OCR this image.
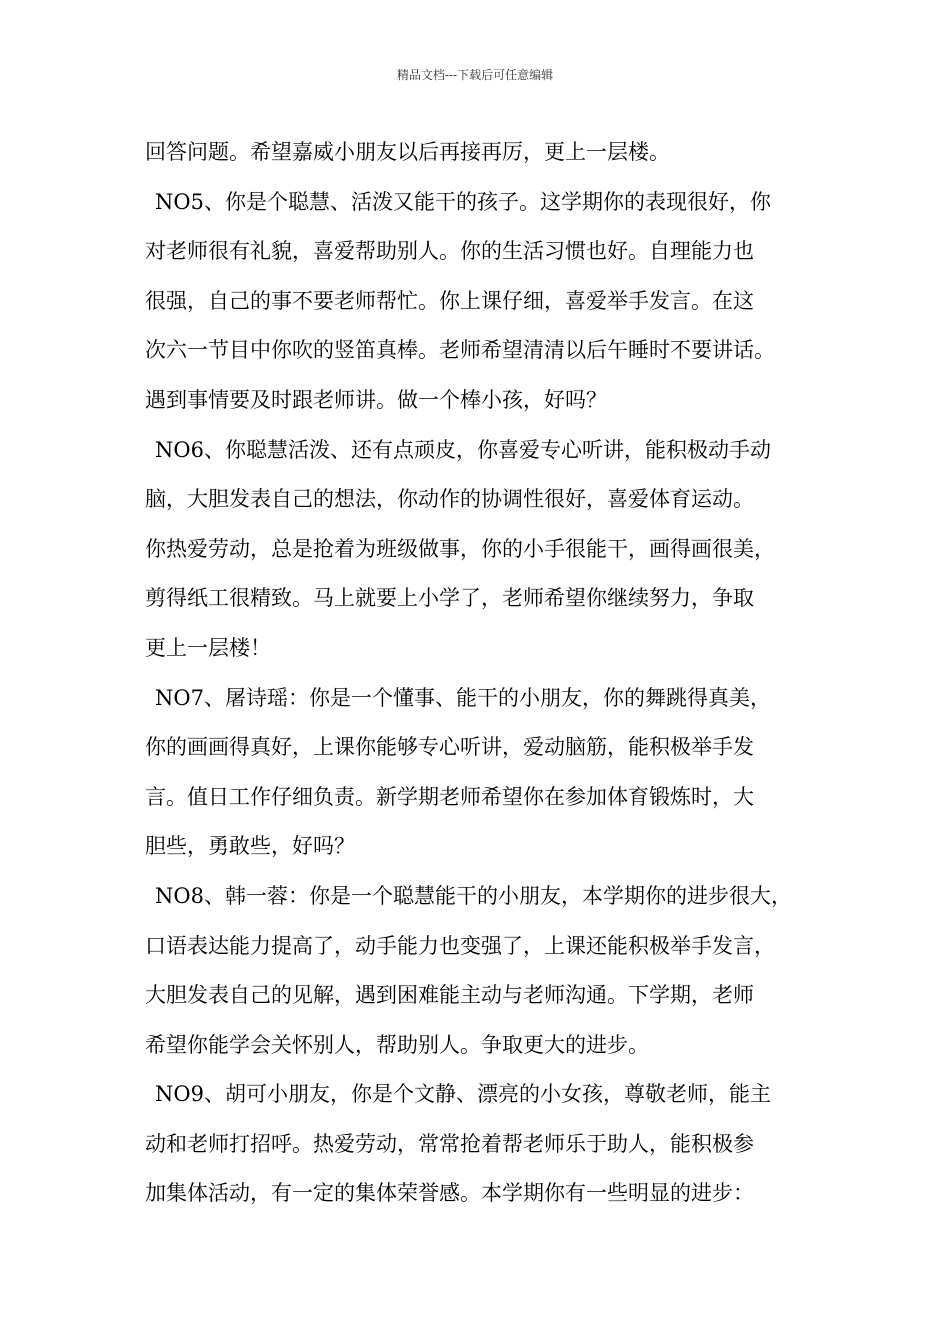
精品文档---下载后可任意编辑
回答问题。希望嘉威小朋友以后再接再厉，更上一层楼。
NO5、你是个聪慧、活泼又能干的孩子。这学期你的表现很好，你
对老师很有礼貌，喜爱帮助别人。你的生活习惯也好。自理能力也
很强，自己的事不要老师帮忙。你上课仔细，喜爱举手发言。在这
次六一节目中你吹的竖笛真棒。老师希望清清以后午睡时不要讲话。
遇到事情要及时跟老师讲。做一个棒小孩，好吗？
NO6、你聪慧活泼、还有点顽皮，你喜爱专心听讲，能积极动手动
脑，大胆发表自己的想法，你动作的协调性很好，喜爱体育运动。
你热爱劳动，总是抢着为班级做事，你的小手很能干，画得画很美，
剪得纸工很精致。马上就要上小学了，老师希望你继续努力，争取
更上一层楼！
NO7、屠诗瑶：你是一个懂事、能干的小朋友，你的舞跳得真美，
你的画画得真好，上课你能够专心听讲，爱动脑筋，能积极举手发
言。值日工作仔细负责。新学期老师希望你在参加体育锻炼时，大
胆些，勇敢些，好吗？
NO8、韩一蓉：你是一个聪慧能干的小朋友，本学期你的进步很大，
口语表达能力提高了，动手能力也变强了，上课还能积极举手发言，
大胆发表自己的见解，遇到困难能主动与老师沟通。下学期，老师
希望你能学会关怀别人，帮助别人。争取更大的进步。
NO9、胡可小朋友，你是个文静、漂亮的小女孩，尊敬老师，能主
动和老师打招呼。热爱劳动，常常抢着帮老师乐于助人，能积极参
加集体活动，有一定的集体荣誉感。本学期你有一些明显的进步：
